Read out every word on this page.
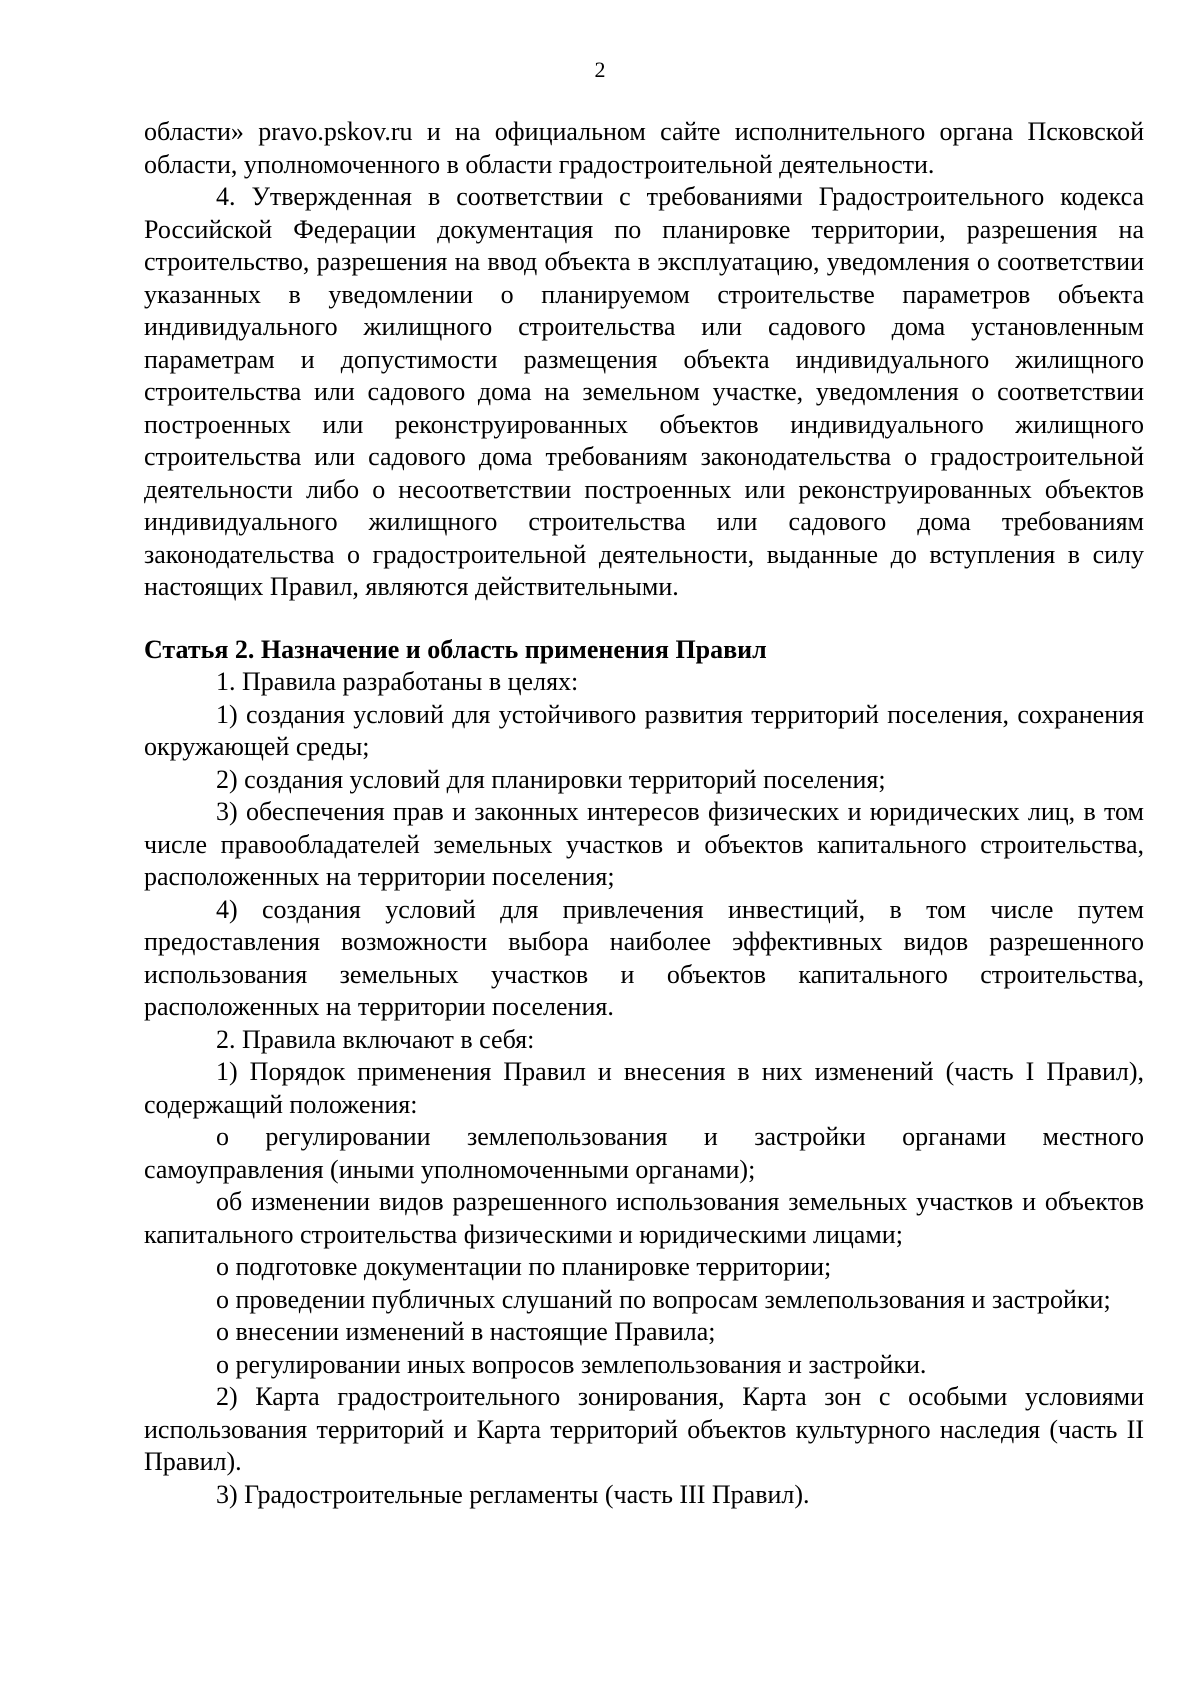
2

области» pravo.pskov.ru и на официальном сайте исполнительного органа Псковской области, уполномоченного в области градостроительной деятельности.

4. Утвержденная в соответствии с требованиями Градостроительного кодекса Российской Федерации документация по планировке территории, разрешения на строительство, разрешения на ввод объекта в эксплуатацию, уведомления о соответствии указанных в уведомлении о планируемом строительстве параметров объекта индивидуального жилищного строительства или садового дома установленным параметрам и допустимости размещения объекта индивидуального жилищного строительства или садового дома на земельном участке, уведомления о соответствии построенных или реконструированных объектов индивидуального жилищного строительства или садового дома требованиям законодательства о градостроительной деятельности либо о несоответствии построенных или реконструированных объектов индивидуального жилищного строительства или садового дома требованиям законодательства о градостроительной деятельности, выданные до вступления в силу настоящих Правил, являются действительными.

Статья 2. Назначение и область применения Правил

1. Правила разработаны в целях:

1) создания условий для устойчивого развития территорий поселения, сохранения окружающей среды;

2) создания условий для планировки территорий поселения;

3) обеспечения прав и законных интересов физических и юридических лиц, в том числе правообладателей земельных участков и объектов капитального строительства, расположенных на территории поселения;

4) создания условий для привлечения инвестиций, в том числе путем предоставления возможности выбора наиболее эффективных видов разрешенного использования земельных участков и объектов капитального строительства, расположенных на территории поселения.

2. Правила включают в себя:

1) Порядок применения Правил и внесения в них изменений (часть I Правил), содержащий положения:

о регулировании землепользования и застройки органами местного самоуправления (иными уполномоченными органами);

об изменении видов разрешенного использования земельных участков и объектов капитального строительства физическими и юридическими лицами;

о подготовке документации по планировке территории;

о проведении публичных слушаний по вопросам землепользования и застройки;

о внесении изменений в настоящие Правила;

о регулировании иных вопросов землепользования и застройки.

2) Карта градостроительного зонирования, Карта зон с особыми условиями использования территорий и Карта территорий объектов культурного наследия (часть II Правил).

3) Градостроительные регламенты (часть III Правил).
